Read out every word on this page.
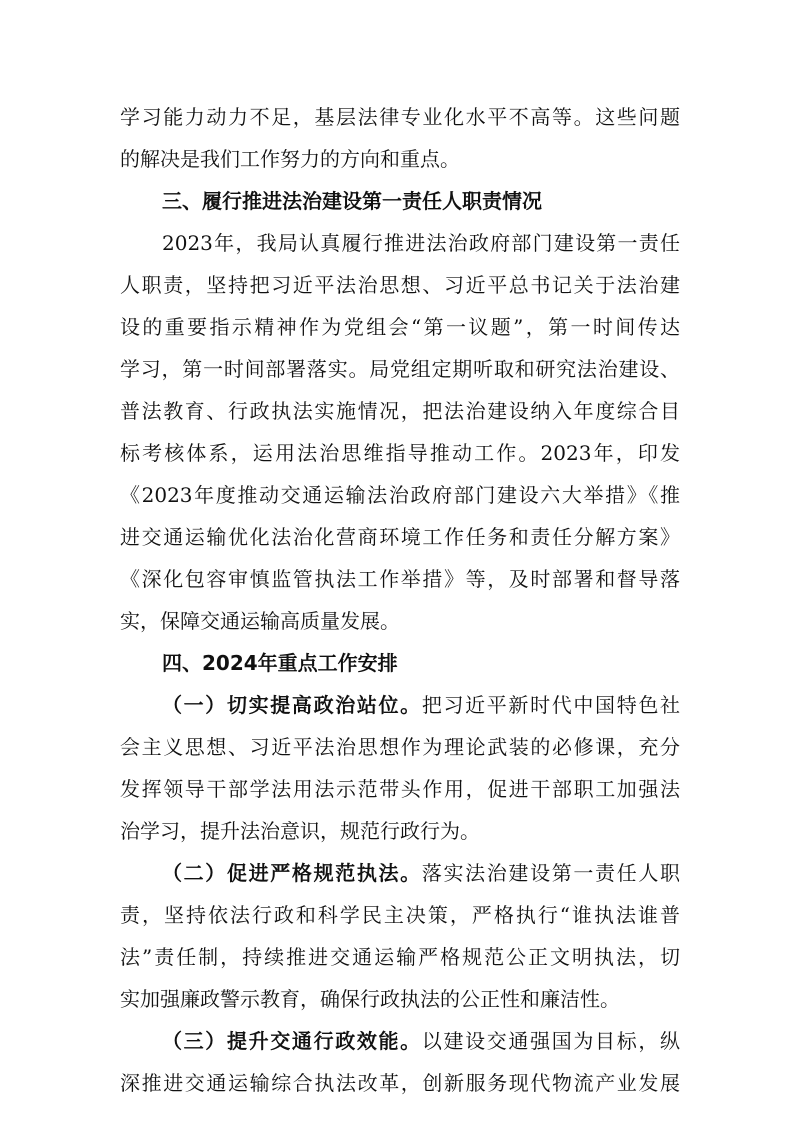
学习能力动力不足，基层法律专业化水平不高等。这些问题
的解决是我们工作努力的方向和重点。
三、履行推进法治建设第一责任人职责情况
2023年，我局认真履行推进法治政府部门建设第一责任
人职责，坚持把习近平法治思想、习近平总书记关于法治建
设的重要指示精神作为党组会“第一议题”，第一时间传达
学习，第一时间部署落实。局党组定期听取和研究法治建设、
普法教育、行政执法实施情况，把法治建设纳入年度综合目
标考核体系，运用法治思维指导推动工作。2023年，印发
《2023年度推动交通运输法治政府部门建设六大举措》《推
进交通运输优化法治化营商环境工作任务和责任分解方案》
《深化包容审慎监管执法工作举措》等，及时部署和督导落
实，保障交通运输高质量发展。
四、2024年重点工作安排
（一）切实提高政治站位。把习近平新时代中国特色社
会主义思想、习近平法治思想作为理论武装的必修课，充分
发挥领导干部学法用法示范带头作用，促进干部职工加强法
治学习，提升法治意识，规范行政行为。
（二）促进严格规范执法。落实法治建设第一责任人职
责，坚持依法行政和科学民主决策，严格执行“谁执法谁普
法”责任制，持续推进交通运输严格规范公正文明执法，切
实加强廉政警示教育，确保行政执法的公正性和廉洁性。
（三）提升交通行政效能。以建设交通强国为目标，纵
深推进交通运输综合执法改革，创新服务现代物流产业发展
